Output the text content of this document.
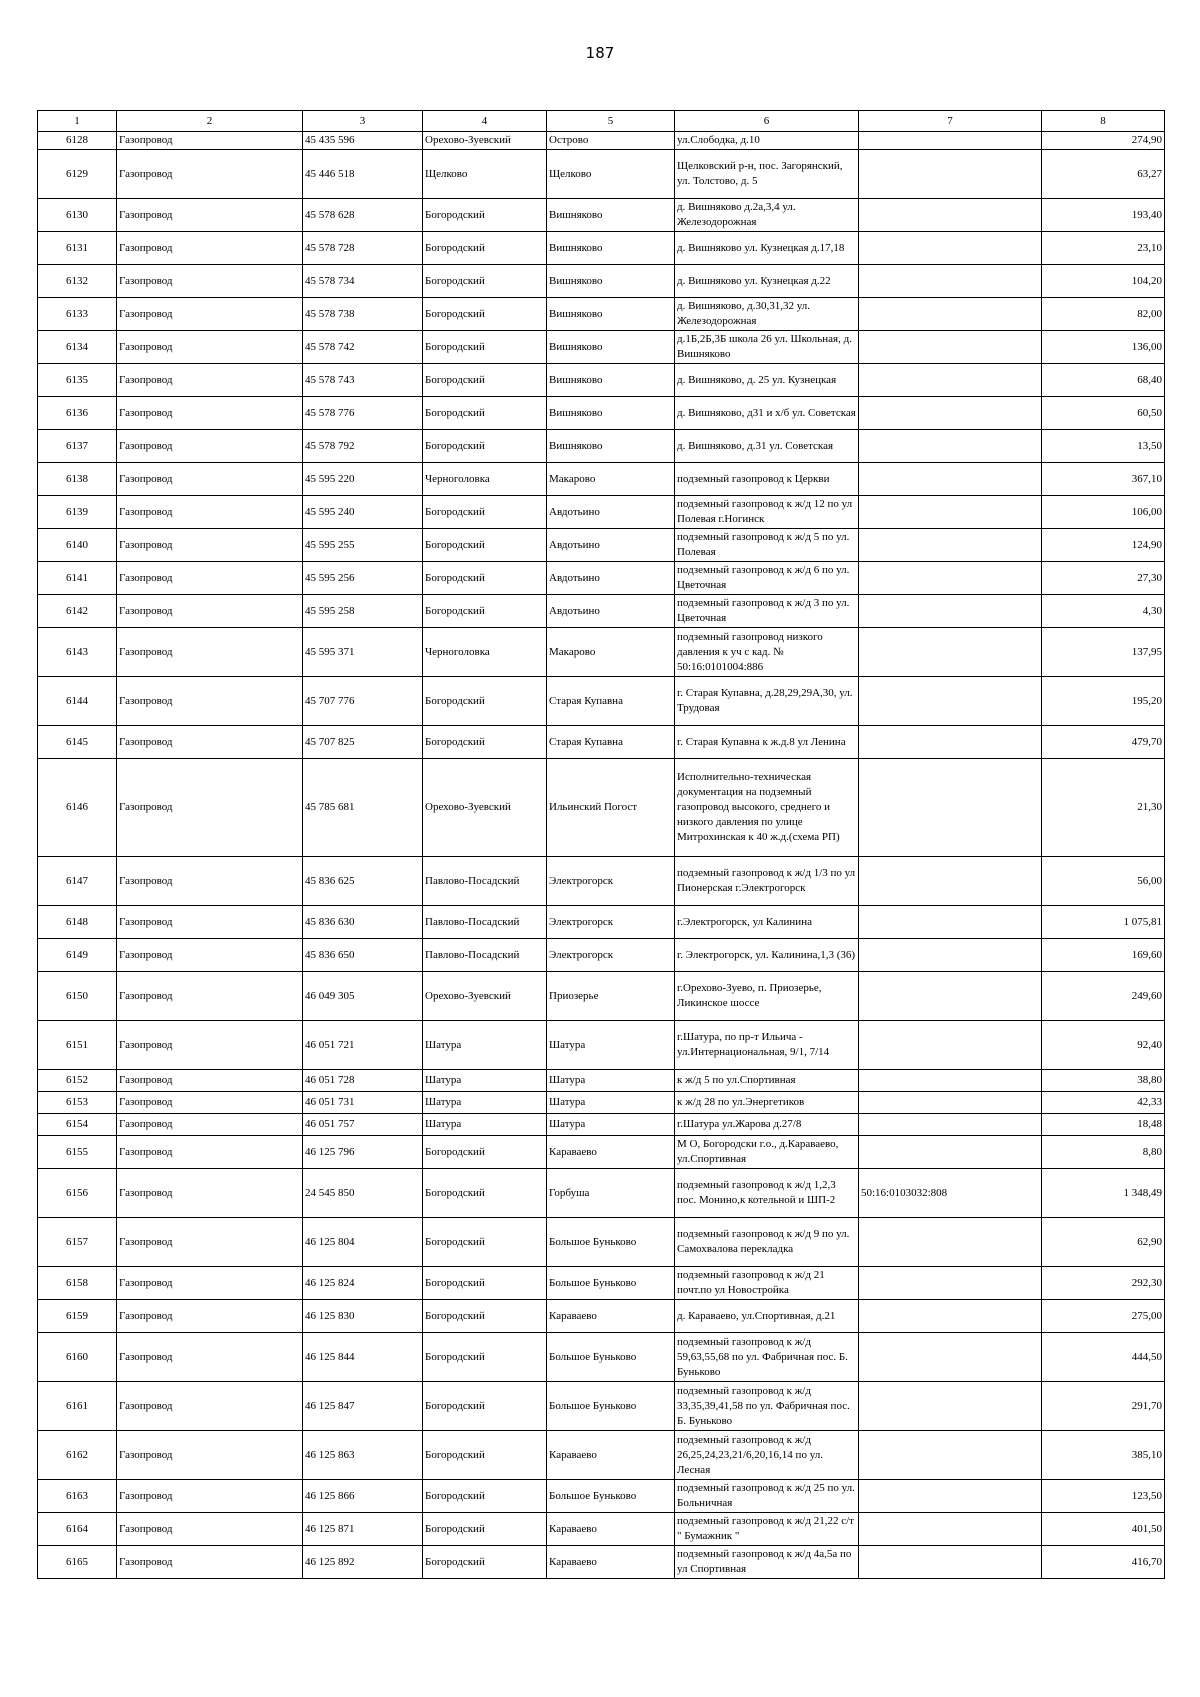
187
1	2	3	4	5	6	7	8
6128	Газопровод	45 435 596	Орехово-Зуевский	Острово	ул.Слободка, д.10		274,90
6129	Газопровод	45 446 518	Щелково	Щелково	Щелковский р-н, пос. Загорянский, ул. Толстово, д. 5		63,27
6130	Газопровод	45 578 628	Богородский	Вишняково	д. Вишняково д.2а,3,4 ул. Железодорожная		193,40
6131	Газопровод	45 578 728	Богородский	Вишняково	д. Вишняково ул. Кузнецкая д.17,18		23,10
6132	Газопровод	45 578 734	Богородский	Вишняково	д. Вишняково ул. Кузнецкая д.22		104,20
6133	Газопровод	45 578 738	Богородский	Вишняково	д. Вишняково, д.30,31,32 ул. Железодорожная		82,00
6134	Газопровод	45 578 742	Богородский	Вишняково	д.1Б,2Б,3Б школа 26 ул. Школьная, д. Вишняково		136,00
6135	Газопровод	45 578 743	Богородский	Вишняково	д. Вишняково, д. 25 ул. Кузнецкая		68,40
6136	Газопровод	45 578 776	Богородский	Вишняково	д. Вишняково, д31 и х/б ул. Советская		60,50
6137	Газопровод	45 578 792	Богородский	Вишняково	д. Вишняково, д.31 ул. Советская		13,50
6138	Газопровод	45 595 220	Черноголовка	Макарово	подземный газопровод к Церкви		367,10
6139	Газопровод	45 595 240	Богородский	Авдотьино	подземный газопровод к ж/д 12 по ул Полевая г.Ногинск		106,00
6140	Газопровод	45 595 255	Богородский	Авдотьино	подземный газопровод к ж/д 5 по ул. Полевая		124,90
6141	Газопровод	45 595 256	Богородский	Авдотьино	подземный газопровод к ж/д 6 по ул. Цветочная		27,30
6142	Газопровод	45 595 258	Богородский	Авдотьино	подземный газопровод к ж/д 3 по ул. Цветочная		4,30
6143	Газопровод	45 595 371	Черноголовка	Макарово	подземный газопровод низкого давления к уч с кад. № 50:16:0101004:886		137,95
6144	Газопровод	45 707 776	Богородский	Старая Купавна	г. Старая Купавна, д.28,29,29А,30, ул. Трудовая		195,20
6145	Газопровод	45 707 825	Богородский	Старая Купавна	г. Старая Купавна к ж.д.8 ул Ленина		479,70
6146	Газопровод	45 785 681	Орехово-Зуевский	Ильинский Погост	Исполнительно-техническая документация на подземный газопровод высокого, среднего и низкого давления по улице Митрохинская к 40 ж.д.(схема РП)		21,30
6147	Газопровод	45 836 625	Павлово-Посадский	Электрогорск	подземный газопровод к ж/д 1/3 по ул Пионерская г.Электрогорск		56,00
6148	Газопровод	45 836 630	Павлово-Посадский	Электрогорск	г.Электрогорск, ул Калинина		1 075,81
6149	Газопровод	45 836 650	Павлово-Посадский	Электрогорск	г. Электрогорск, ул. Калинина,1,3 (36)		169,60
6150	Газопровод	46 049 305	Орехово-Зуевский	Приозерье	г.Орехово-Зуево, п. Приозерье, Ликинское шоссе		249,60
6151	Газопровод	46 051 721	Шатура	Шатура	г.Шатура, по пр-т Ильича - ул.Интернациональная, 9/1, 7/14		92,40
6152	Газопровод	46 051 728	Шатура	Шатура	к ж/д 5 по ул.Спортивная		38,80
6153	Газопровод	46 051 731	Шатура	Шатура	к ж/д 28 по ул.Энергетиков		42,33
6154	Газопровод	46 051 757	Шатура	Шатура	г.Шатура ул.Жарова д.27/8		18,48
6155	Газопровод	46 125 796	Богородский	Караваево	М О, Богородски г.о., д.Караваево, ул.Спортивная		8,80
6156	Газопровод	24 545 850	Богородский	Горбуша	подземный газопровод к ж/д 1,2,3 пос. Монино,к котельной и ШП-2	50:16:0103032:808	1 348,49
6157	Газопровод	46 125 804	Богородский	Большое Буньково	подземный газопровод к ж/д 9 по ул. Самохвалова перекладка		62,90
6158	Газопровод	46 125 824	Богородский	Большое Буньково	подземный газопровод к ж/д 21 почт.по ул Новостройка		292,30
6159	Газопровод	46 125 830	Богородский	Караваево	д. Караваево, ул.Спортивная, д.21		275,00
6160	Газопровод	46 125 844	Богородский	Большое Буньково	подземный газопровод к ж/д 59,63,55,68 по ул. Фабричная пос. Б. Буньково		444,50
6161	Газопровод	46 125 847	Богородский	Большое Буньково	подземный газопровод к ж/д 33,35,39,41,58 по ул. Фабричная пос. Б. Буньково		291,70
6162	Газопровод	46 125 863	Богородский	Караваево	подземный газопровод к ж/д 26,25,24,23,21/6,20,16,14 по ул. Лесная		385,10
6163	Газопровод	46 125 866	Богородский	Большое Буньково	подземный газопровод к ж/д 25 по ул. Больничная		123,50
6164	Газопровод	46 125 871	Богородский	Караваево	подземный газопровод к ж/д 21,22 с/т " Бумажник "		401,50
6165	Газопровод	46 125 892	Богородский	Караваево	подземный газопровод к ж/д 4а,5а по ул Спортивная		416,70
